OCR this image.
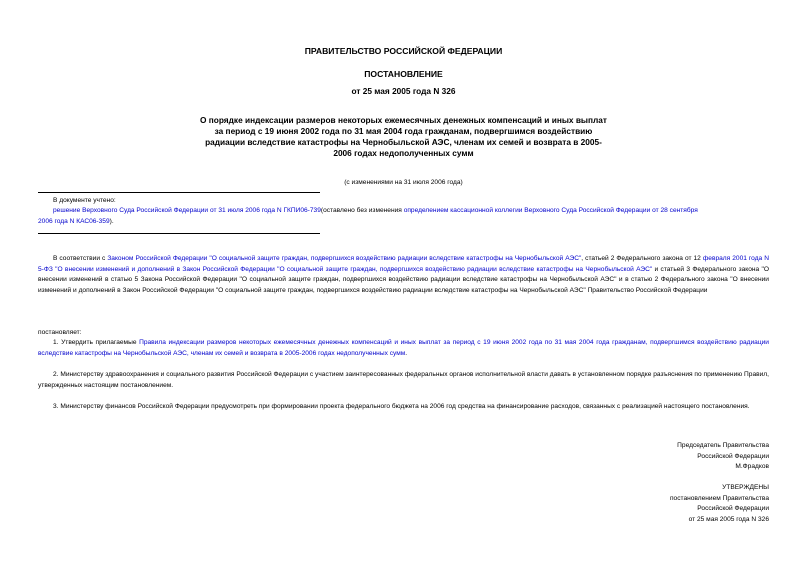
ПРАВИТЕЛЬСТВО РОССИЙСКОЙ ФЕДЕРАЦИИ
ПОСТАНОВЛЕНИЕ
от 25 мая 2005 года N 326
О порядке индексации размеров некоторых ежемесячных денежных компенсаций и иных выплат за период с 19 июня 2002 года по 31 мая 2004 года гражданам, подвергшимся воздействию радиации вследствие катастрофы на Чернобыльской АЭС, членам их семей и возврата в 2005-2006 годах недополученных сумм
(с изменениями на 31 июля 2006 года)
В документе учтено:
решение Верховного Суда Российской Федерации от 31 июля 2006 года N ГКПИ06-739(оставлено без изменения определением кассационной коллегии Верховного Суда Российской Федерации от 28 сентября
2006 года N КАС06-359).
В соответствии с Законом Российской Федерации "О социальной защите граждан, подвергшихся воздействию радиации вследствие катастрофы на Чернобыльской АЭС", статьей 2 Федерального закона от 12 февраля 2001 года N 5-ФЗ "О внесении изменений и дополнений в Закон Российской Федерации "О социальной защите граждан, подвергшихся воздействию радиации вследствие катастрофы на Чернобыльской АЭС" и статьей 3 Федерального закона "О внесении изменений в статью 5 Закона Российской Федерации "О социальной защите граждан, подвергшихся воздействию радиации вследствие катастрофы на Чернобыльской АЭС" и в статью 2 Федерального закона "О внесении изменений и дополнений в Закон Российской Федерации "О социальной защите граждан, подвергшихся воздействию радиации вследствие катастрофы на Чернобыльской АЭС" Правительство Российской Федерации
постановляет:
1. Утвердить прилагаемые Правила индексации размеров некоторых ежемесячных денежных компенсаций и иных выплат за период с 19 июня 2002 года по 31 мая 2004 года гражданам, подвергшимся воздействию радиации вследствие катастрофы на Чернобыльской АЭС, членам их семей и возврата в 2005-2006 годах недополученных сумм.
2. Министерству здравоохранения и социального развития Российской Федерации с участием заинтересованных федеральных органов исполнительной власти давать в установленном порядке разъяснения по применению Правил, утвержденных настоящим постановлением.
3. Министерству финансов Российской Федерации предусмотреть при формировании проекта федерального бюджета на 2006 год средства на финансирование расходов, связанных с реализацией настоящего постановления.
Председатель Правительства
Российской Федерации
М.Фрадков
УТВЕРЖДЕНЫ
постановлением Правительства
Российской Федерации
от 25 мая 2005 года N 326
